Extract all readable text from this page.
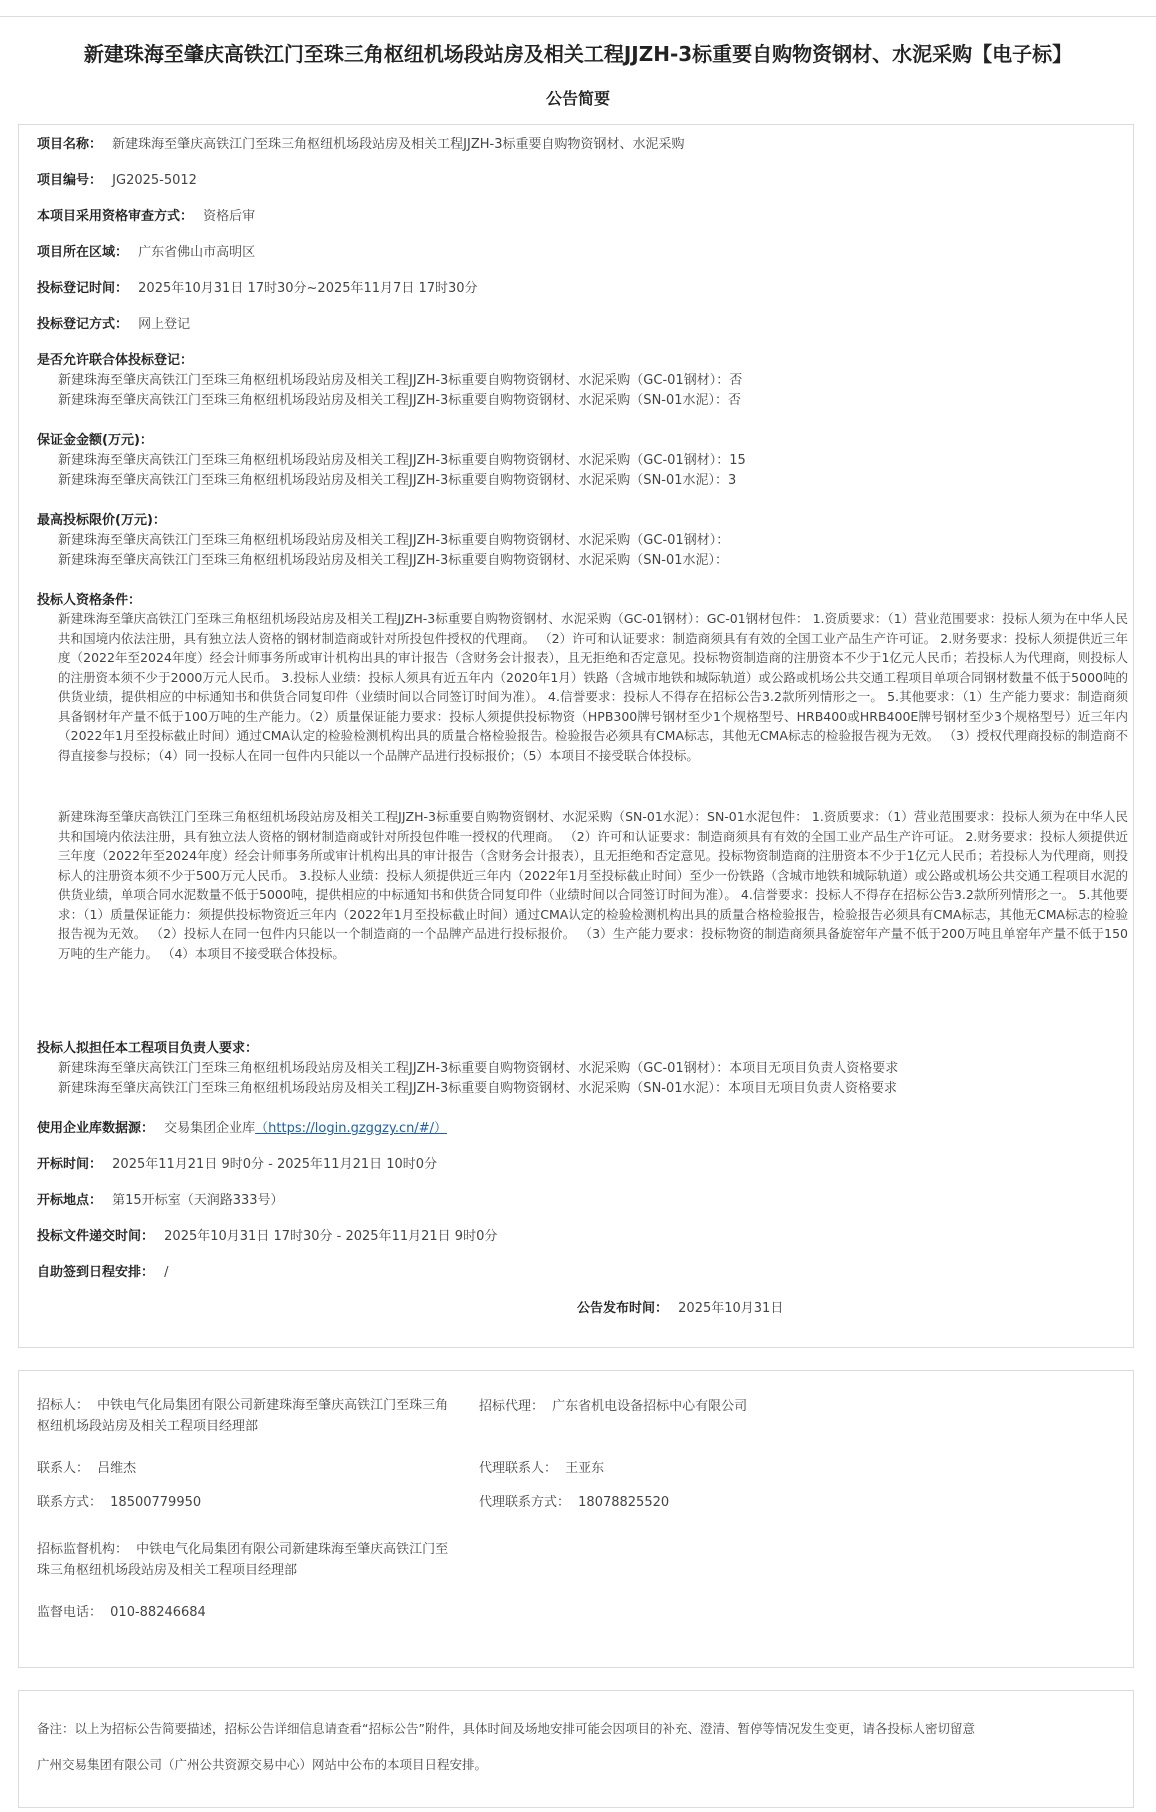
新建珠海至肇庆高铁江门至珠三角枢纽机场段站房及相关工程JJZH-3标重要自购物资钢材、水泥采购【电子标】
公告简要
项目名称： 新建珠海至肇庆高铁江门至珠三角枢纽机场段站房及相关工程JJZH-3标重要自购物资钢材、水泥采购
项目编号： JG2025-5012
本项目采用资格审查方式： 资格后审
项目所在区域： 广东省佛山市高明区
投标登记时间： 2025年10月31日 17时30分~2025年11月7日 17时30分
投标登记方式： 网上登记
是否允许联合体投标登记：
新建珠海至肇庆高铁江门至珠三角枢纽机场段站房及相关工程JJZH-3标重要自购物资钢材、水泥采购（GC-01钢材）：否
新建珠海至肇庆高铁江门至珠三角枢纽机场段站房及相关工程JJZH-3标重要自购物资钢材、水泥采购（SN-01水泥）：否
保证金金额(万元)：
新建珠海至肇庆高铁江门至珠三角枢纽机场段站房及相关工程JJZH-3标重要自购物资钢材、水泥采购（GC-01钢材）：15
新建珠海至肇庆高铁江门至珠三角枢纽机场段站房及相关工程JJZH-3标重要自购物资钢材、水泥采购（SN-01水泥）：3
最高投标限价(万元)：
新建珠海至肇庆高铁江门至珠三角枢纽机场段站房及相关工程JJZH-3标重要自购物资钢材、水泥采购（GC-01钢材）：
新建珠海至肇庆高铁江门至珠三角枢纽机场段站房及相关工程JJZH-3标重要自购物资钢材、水泥采购（SN-01水泥）：
投标人资格条件：
新建珠海至肇庆高铁江门至珠三角枢纽机场段站房及相关工程JJZH-3标重要自购物资钢材、水泥采购（GC-01钢材）：GC-01钢材包件： 1.资质要求：（1）营业范围要求：投标人须为在中华人民共和国境内依法注册，具有独立法人资格的钢材制造商或针对所投包件授权的代理商。 （2）许可和认证要求：制造商须具有有效的全国工业产品生产许可证。 2.财务要求：投标人须提供近三年度（2022年至2024年度）经会计师事务所或审计机构出具的审计报告（含财务会计报表），且无拒绝和否定意见。投标物资制造商的注册资本不少于1亿元人民币；若投标人为代理商，则投标人的注册资本须不少于2000万元人民币。 3.投标人业绩：投标人须具有近五年内（2020年1月）铁路（含城市地铁和城际轨道）或公路或机场公共交通工程项目单项合同钢材数量不低于5000吨的供货业绩，提供相应的中标通知书和供货合同复印件（业绩时间以合同签订时间为准）。 4.信誉要求：投标人不得存在招标公告3.2款所列情形之一。 5.其他要求：（1）生产能力要求：制造商须具备钢材年产量不低于100万吨的生产能力。（2）质量保证能力要求：投标人须提供投标物资（HPB300牌号钢材至少1个规格型号、HRB400或HRB400E牌号钢材至少3个规格型号）近三年内（2022年1月至投标截止时间）通过CMA认定的检验检测机构出具的质量合格检验报告。检验报告必须具有CMA标志，其他无CMA标志的检验报告视为无效。 （3）授权代理商投标的制造商不得直接参与投标；（4）同一投标人在同一包件内只能以一个品牌产品进行投标报价；（5）本项目不接受联合体投标。
新建珠海至肇庆高铁江门至珠三角枢纽机场段站房及相关工程JJZH-3标重要自购物资钢材、水泥采购（SN-01水泥）：SN-01水泥包件： 1.资质要求：（1）营业范围要求：投标人须为在中华人民共和国境内依法注册，具有独立法人资格的钢材制造商或针对所投包件唯一授权的代理商。 （2）许可和认证要求：制造商须具有有效的全国工业产品生产许可证。 2.财务要求：投标人须提供近三年度（2022年至2024年度）经会计师事务所或审计机构出具的审计报告（含财务会计报表），且无拒绝和否定意见。投标物资制造商的注册资本不少于1亿元人民币；若投标人为代理商，则投标人的注册资本须不少于500万元人民币。 3.投标人业绩：投标人须提供近三年内（2022年1月至投标截止时间）至少一份铁路（含城市地铁和城际轨道）或公路或机场公共交通工程项目水泥的供货业绩，单项合同水泥数量不低于5000吨，提供相应的中标通知书和供货合同复印件（业绩时间以合同签订时间为准）。 4.信誉要求：投标人不得存在招标公告3.2款所列情形之一。 5.其他要求：（1）质量保证能力：须提供投标物资近三年内（2022年1月至投标截止时间）通过CMA认定的检验检测机构出具的质量合格检验报告，检验报告必须具有CMA标志，其他无CMA标志的检验报告视为无效。 （2）投标人在同一包件内只能以一个制造商的一个品牌产品进行投标报价。 （3）生产能力要求：投标物资的制造商须具备旋窑年产量不低于200万吨且单窑年产量不低于150万吨的生产能力。 （4）本项目不接受联合体投标。
投标人拟担任本工程项目负责人要求：
新建珠海至肇庆高铁江门至珠三角枢纽机场段站房及相关工程JJZH-3标重要自购物资钢材、水泥采购（GC-01钢材）：本项目无项目负责人资格要求
新建珠海至肇庆高铁江门至珠三角枢纽机场段站房及相关工程JJZH-3标重要自购物资钢材、水泥采购（SN-01水泥）：本项目无项目负责人资格要求
使用企业库数据源： 交易集团企业库（https://login.gzggzy.cn/#/）
开标时间： 2025年11月21日 9时0分 - 2025年11月21日 10时0分
开标地点： 第15开标室（天润路333号）
投标文件递交时间： 2025年10月31日 17时30分 - 2025年11月21日 9时0分
自助签到日程安排： /
公告发布时间： 2025年10月31日
招标人： 中铁电气化局集团有限公司新建珠海至肇庆高铁江门至珠三角枢纽机场段站房及相关工程项目经理部
招标代理： 广东省机电设备招标中心有限公司
联系人： 吕维杰	代理联系人： 王亚东
联系方式： 18500779950	代理联系方式： 18078825520
招标监督机构： 中铁电气化局集团有限公司新建珠海至肇庆高铁江门至珠三角枢纽机场段站房及相关工程项目经理部
监督电话： 010-88246684
备注：以上为招标公告简要描述，招标公告详细信息请查看“招标公告”附件，具体时间及场地安排可能会因项目的补充、澄清、暂停等情况发生变更，请各投标人密切留意
广州交易集团有限公司（广州公共资源交易中心）网站中公布的本项目日程安排。
